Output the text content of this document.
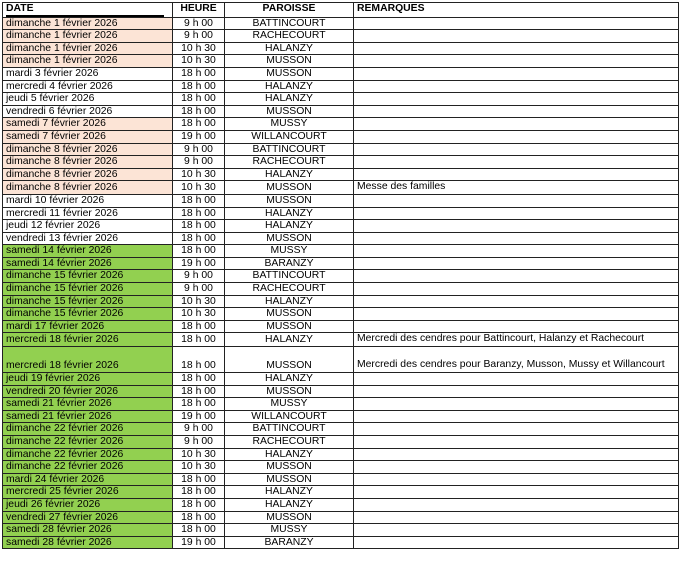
DATE	HEURE	PAROISSE	REMARQUES
dimanche 1 février 2026	9 h 00	BATTINCOURT	
dimanche 1 février 2026	9 h 00	RACHECOURT	
dimanche 1 février 2026	10 h 30	HALANZY	
dimanche 1 février 2026	10 h 30	MUSSON	
mardi 3 février 2026	18 h 00	MUSSON	
mercredi 4 février 2026	18 h 00	HALANZY	
jeudi 5 février 2026	18 h 00	HALANZY	
vendredi 6 février 2026	18 h 00	MUSSON	
samedi 7 février 2026	18 h 00	MUSSY	
samedi 7 février 2026	19 h 00	WILLANCOURT	
dimanche 8 février 2026	9 h 00	BATTINCOURT	
dimanche 8 février 2026	9 h 00	RACHECOURT	
dimanche 8 février 2026	10 h 30	HALANZY	
dimanche 8 février 2026	10 h 30	MUSSON	Messe des familles
mardi 10 février 2026	18 h 00	MUSSON	
mercredi 11 février 2026	18 h 00	HALANZY	
jeudi 12 février 2026	18 h 00	HALANZY	
vendredi 13 février 2026	18 h 00	MUSSON	
samedi 14 février 2026	18 h 00	MUSSY	
samedi 14 février 2026	19 h 00	BARANZY	
dimanche 15 février 2026	9 h 00	BATTINCOURT	
dimanche 15 février 2026	9 h 00	RACHECOURT	
dimanche 15 février 2026	10 h 30	HALANZY	
dimanche 15 février 2026	10 h 30	MUSSON	
mardi 17 février 2026	18 h 00	MUSSON	
mercredi 18 février 2026	18 h 00	HALANZY	Mercredi des cendres pour Battincourt, Halanzy et Rachecourt
mercredi 18 février 2026	18 h 00	MUSSON	Mercredi des cendres pour Baranzy, Musson, Mussy et Willancourt
jeudi 19 février 2026	18 h 00	HALANZY	
vendredi 20 février 2026	18 h 00	MUSSON	
samedi 21 février 2026	18 h 00	MUSSY	
samedi 21 février 2026	19 h 00	WILLANCOURT	
dimanche 22 février 2026	9 h 00	BATTINCOURT	
dimanche 22 février 2026	9 h 00	RACHECOURT	
dimanche 22 février 2026	10 h 30	HALANZY	
dimanche 22 février 2026	10 h 30	MUSSON	
mardi 24 février 2026	18 h 00	MUSSON	
mercredi 25 février 2026	18 h 00	HALANZY	
jeudi 26 février 2026	18 h 00	HALANZY	
vendredi 27 février 2026	18 h 00	MUSSON	
samedi 28 février 2026	18 h 00	MUSSY	
samedi 28 février 2026	19 h 00	BARANZY	
